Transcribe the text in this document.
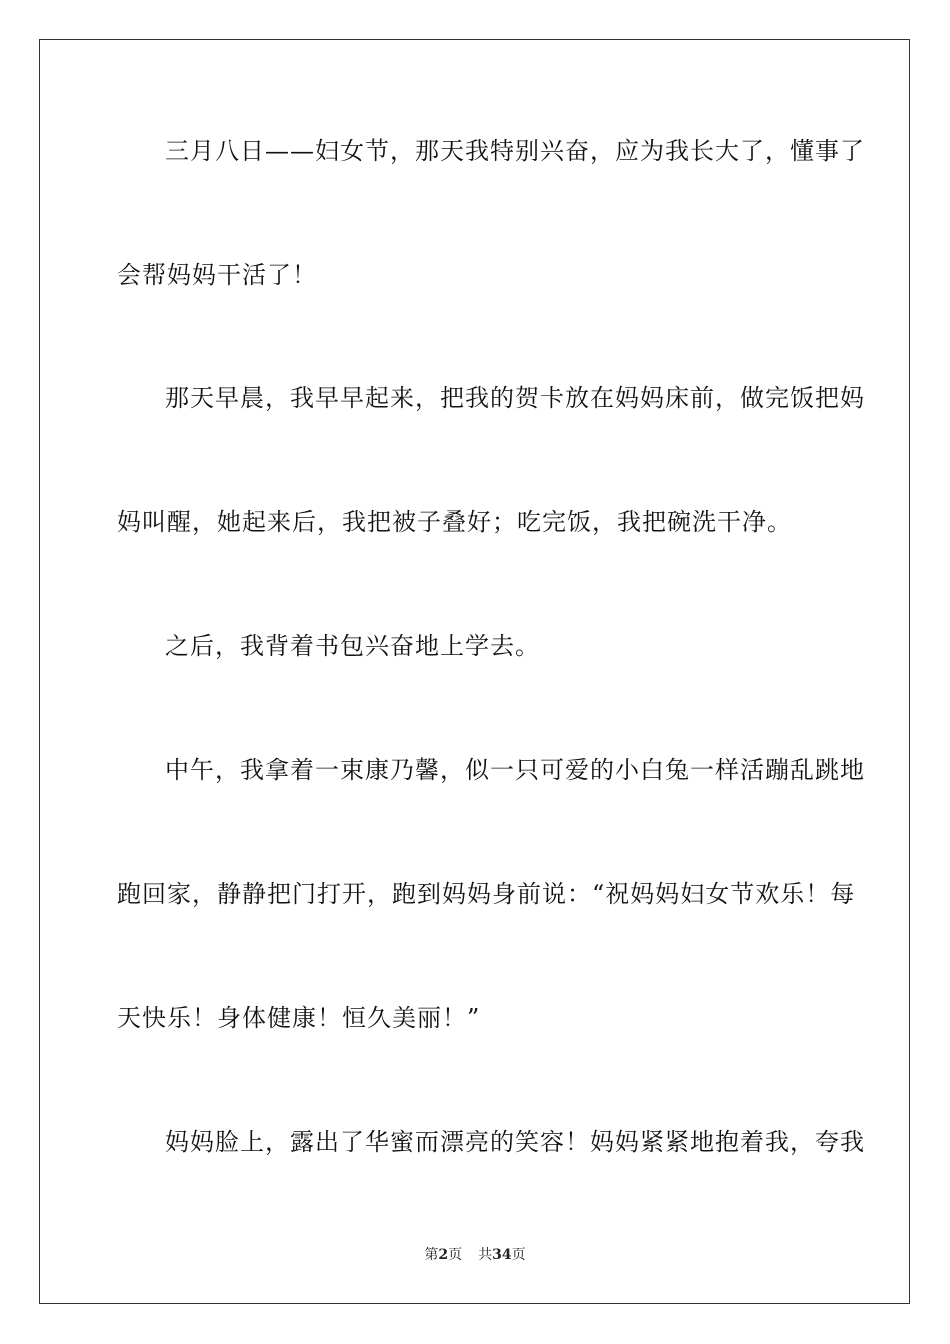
三月八日——妇女节，那天我特别兴奋，应为我长大了，懂事了
会帮妈妈干活了！
那天早晨，我早早起来，把我的贺卡放在妈妈床前，做完饭把妈
妈叫醒，她起来后，我把被子叠好；吃完饭，我把碗洗干净。
之后，我背着书包兴奋地上学去。
中午，我拿着一束康乃馨，似一只可爱的小白兔一样活蹦乱跳地
跑回家，静静把门打开，跑到妈妈身前说：“祝妈妈妇女节欢乐！每
天快乐！身体健康！恒久美丽！”
妈妈脸上，露出了华蜜而漂亮的笑容！妈妈紧紧地抱着我，夸我
第2页 共34页
